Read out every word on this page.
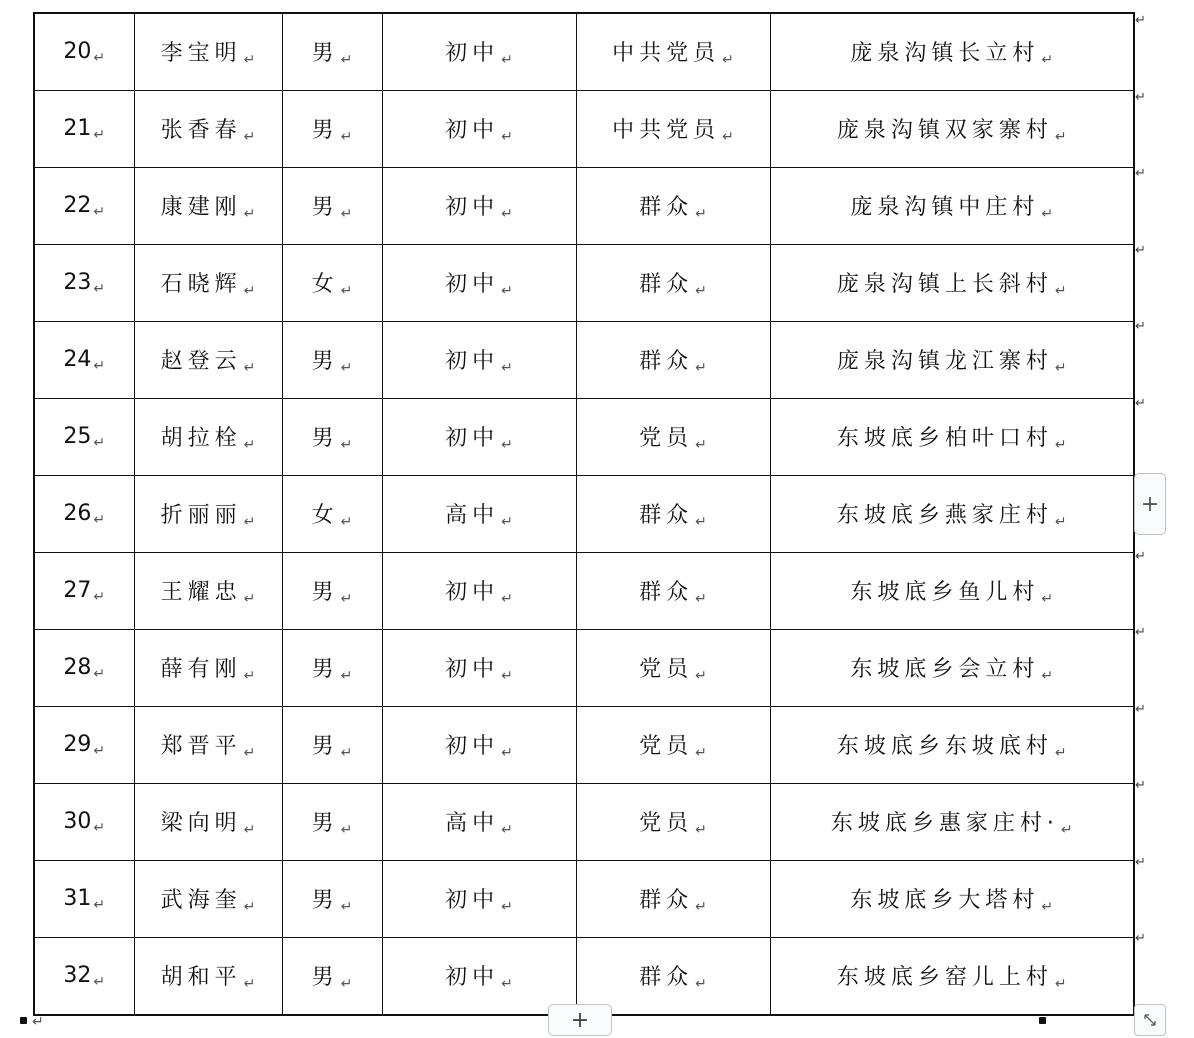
20 ↵	李宝明 ↵	男 ↵	初中 ↵	中共党员 ↵	庞泉沟镇长立村 ↵
21 ↵	张香春 ↵	男 ↵	初中 ↵	中共党员 ↵	庞泉沟镇双家寨村 ↵
22 ↵	康建刚 ↵	男 ↵	初中 ↵	群众 ↵	庞泉沟镇中庄村 ↵
23 ↵	石晓辉 ↵	女 ↵	初中 ↵	群众 ↵	庞泉沟镇上长斜村 ↵
24 ↵	赵登云 ↵	男 ↵	初中 ↵	群众 ↵	庞泉沟镇龙江寨村 ↵
25 ↵	胡拉栓 ↵	男 ↵	初中 ↵	党员 ↵	东坡底乡柏叶口村 ↵
26 ↵	折丽丽 ↵	女 ↵	高中 ↵	群众 ↵	东坡底乡燕家庄村 ↵
27 ↵	王耀忠 ↵	男 ↵	初中 ↵	群众 ↵	东坡底乡鱼儿村 ↵
28 ↵	薛有刚 ↵	男 ↵	初中 ↵	党员 ↵	东坡底乡会立村 ↵
29 ↵	郑晋平 ↵	男 ↵	初中 ↵	党员 ↵	东坡底乡东坡底村 ↵
30 ↵	梁向明 ↵	男 ↵	高中 ↵	党员 ↵	东坡底乡惠家庄村· ↵
31 ↵	武海奎 ↵	男 ↵	初中 ↵	群众 ↵	东坡底乡大塔村 ↵
32 ↵	胡和平 ↵	男 ↵	初中 ↵	群众 ↵	东坡底乡窑儿上村 ↵
↵
↵
↵
↵
↵
↵
↵
↵
↵
↵
↵
↵
+
+
↵
